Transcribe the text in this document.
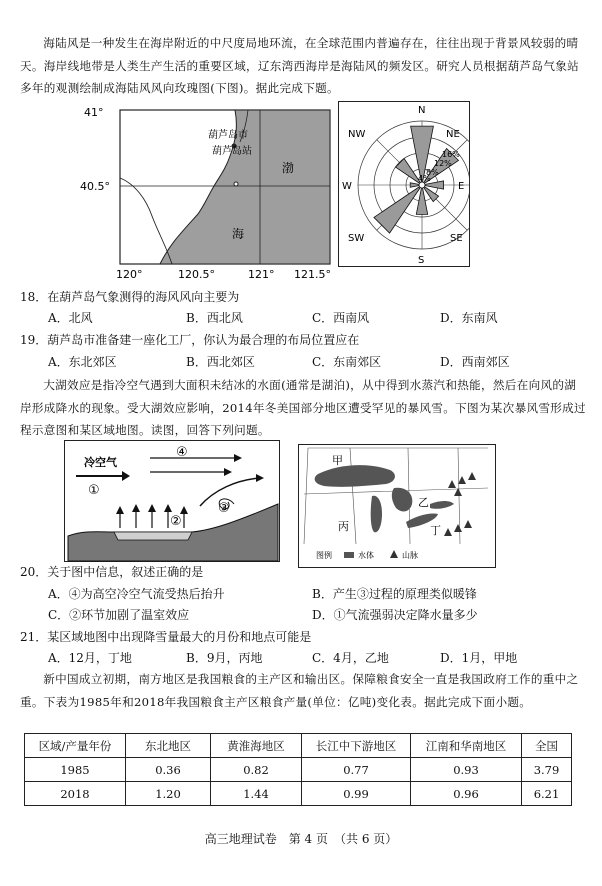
海陆风是一种发生在海岸附近的中尺度局地环流，在全球范围内普遍存在，往往出现于背景风较弱的晴天。海岸线地带是人类生产生活的重要区域，辽东湾西海岸是海陆风的频发区。研究人员根据葫芦岛气象站多年的观测绘制成海陆风风向玫瑰图(下图)。据此完成下题。
41°
40.5°
120°	120.5°	121° 121.5°
葫芦岛市
葫芦岛站
渤
海
N
NE
NW
W	E
SW	SE
S
16%
12%
8%
4%
18．在葫芦岛气象测得的海风风向主要为
A．北风	B．西北风	C．西南风	D．东南风
19．葫芦岛市准备建一座化工厂，你认为最合理的布局位置应在
A．东北郊区	B．西北郊区	C．东南郊区	D．西南郊区
大湖效应是指冷空气遇到大面积未结冰的水面(通常是湖泊)，从中得到水蒸汽和热能，然后在向风的湖岸形成降水的现象。受大湖效应影响，2014年冬美国部分地区遭受罕见的暴风雪。下图为某次暴风雪形成过程示意图和某区域地图。读图，回答下列问题。
冷空气
①
②
③
④
甲
乙
丙	丁
图例	水体	山脉
20．关于图中信息，叙述正确的是
A．④为高空冷空气流受热后抬升	B．产生③过程的原理类似暖锋
C．②环节加剧了温室效应	D．①气流强弱决定降水量多少
21．某区域地图中出现降雪量最大的月份和地点可能是
A．12月，丁地	B．9月，丙地	C．4月，乙地	D．1月，甲地
新中国成立初期，南方地区是我国粮食的主产区和输出区。保障粮食安全一直是我国政府工作的重中之重。下表为1985年和2018年我国粮食主产区粮食产量(单位：亿吨)变化表。据此完成下面小题。
区域/产量年份	东北地区	黄淮海地区	长江中下游地区	江南和华南地区	全国
1985	0.36	0.82	0.77	0.93	3.79
2018	1.20	1.44	0.99	0.96	6.21
高三地理试卷　第 4 页　（共 6 页）
